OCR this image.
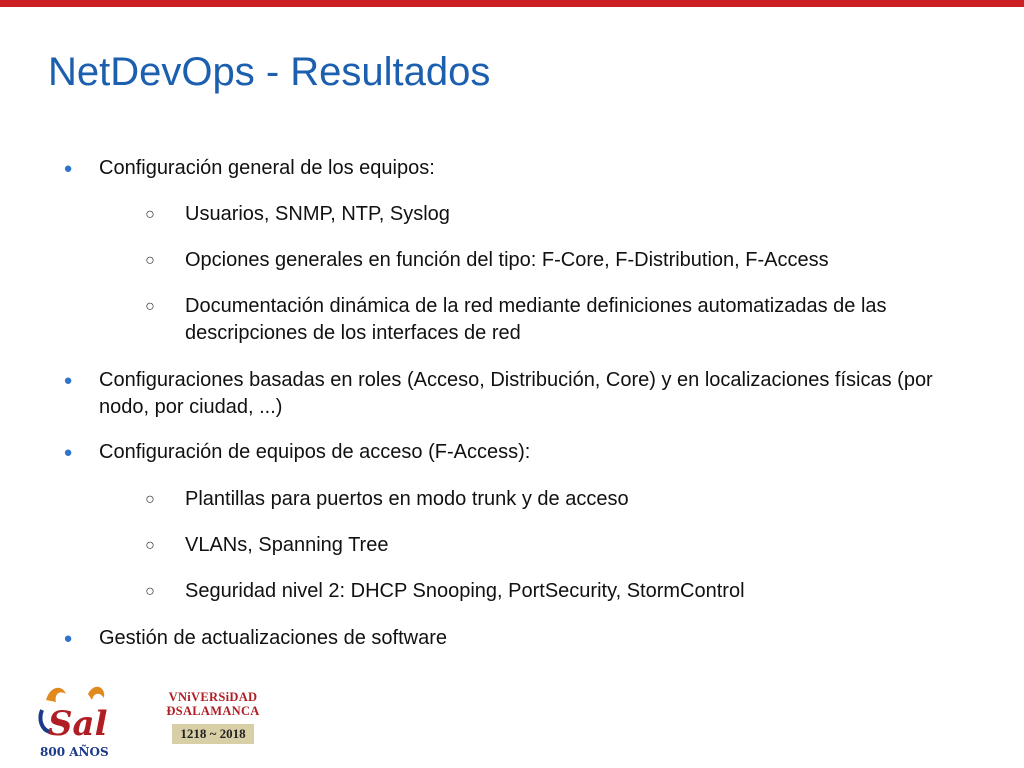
NetDevOps - Resultados
● Configuración general de los equipos:
○ Usuarios, SNMP, NTP, Syslog
○ Opciones generales en función del tipo: F-Core, F-Distribution, F-Access
○ Documentación dinámica de la red mediante definiciones automatizadas de las descripciones de los interfaces de red
● Configuraciones basadas en roles (Acceso, Distribución, Core) y en localizaciones físicas (por nodo, por ciudad, ...)
● Configuración de equipos de acceso (F-Access):
○ Plantillas para puertos en modo trunk y de acceso
○ VLANs, Spanning Tree
○ Seguridad nivel 2: DHCP Snooping, PortSecurity, StormControl
● Gestión de actualizaciones de software
Sal
800 AÑOS
VNiVERSiDAD
ÐSALAMANCA
1218 ~ 2018
